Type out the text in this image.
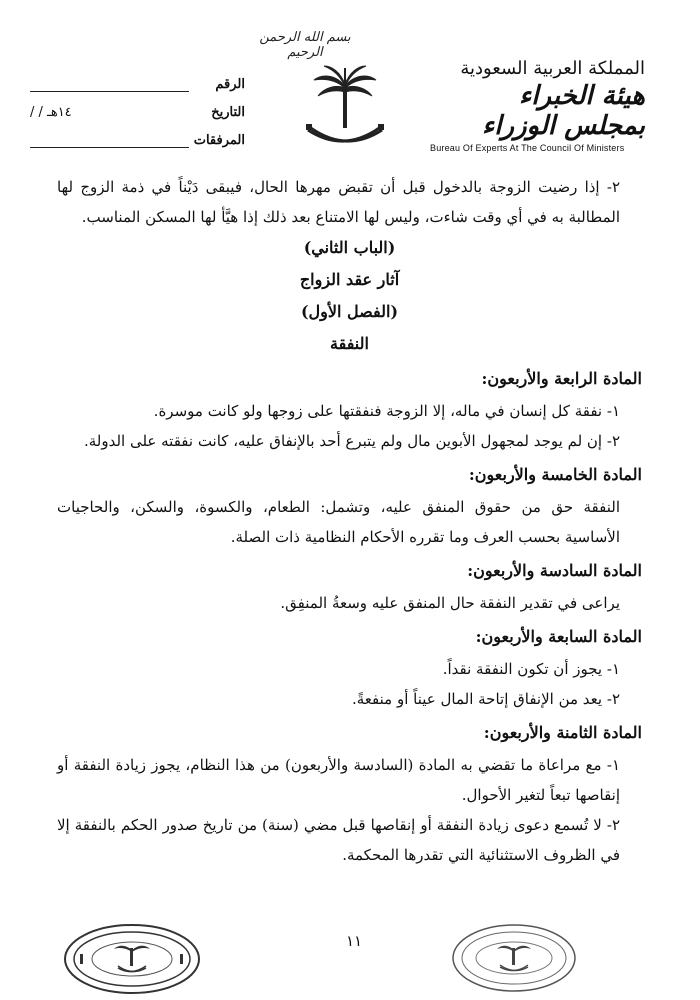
بسم الله الرحمن الرحيم
المملكة العربية السعودية
هيئة الخبراء بمجلس الوزراء
Bureau Of Experts At The Council Of Ministers
الرقم
التاريخ
/ / ١٤هـ
المرفقات

٢- إذا رضيت الزوجة بالدخول قبل أن تقبض مهرها الحال، فيبقى دَيْناً في ذمة الزوج لها المطالبة به في أي وقت شاءت، وليس لها الامتناع بعد ذلك إذا هيَّأ لها المسكن المناسب.

(الباب الثاني)

آثار عقد الزواج

(الفصل الأول)

النفقة

المادة الرابعة والأربعون:

١- نفقة كل إنسان في ماله، إلا الزوجة فنفقتها على زوجها ولو كانت موسرة.

٢- إن لم يوجد لمجهول الأبوين مال ولم يتبرع أحد بالإنفاق عليه، كانت نفقته على الدولة.

المادة الخامسة والأربعون:

النفقة حق من حقوق المنفق عليه، وتشمل: الطعام، والكسوة، والسكن، والحاجيات الأساسية بحسب العرف وما تقرره الأحكام النظامية ذات الصلة.

المادة السادسة والأربعون:

يراعى في تقدير النفقة حال المنفق عليه وسعةُ المنفِق.

المادة السابعة والأربعون:

١- يجوز أن تكون النفقة نقداً.

٢- يعد من الإنفاق إتاحة المال عيناً أو منفعةً.

المادة الثامنة والأربعون:

١- مع مراعاة ما تقضي به المادة (السادسة والأربعون) من هذا النظام، يجوز زيادة النفقة أو إنقاصها تبعاً لتغير الأحوال.

٢- لا تُسمع دعوى زيادة النفقة أو إنقاصها قبل مضي (سنة) من تاريخ صدور الحكم بالنفقة إلا في الظروف الاستثنائية التي تقدرها المحكمة.

١١
